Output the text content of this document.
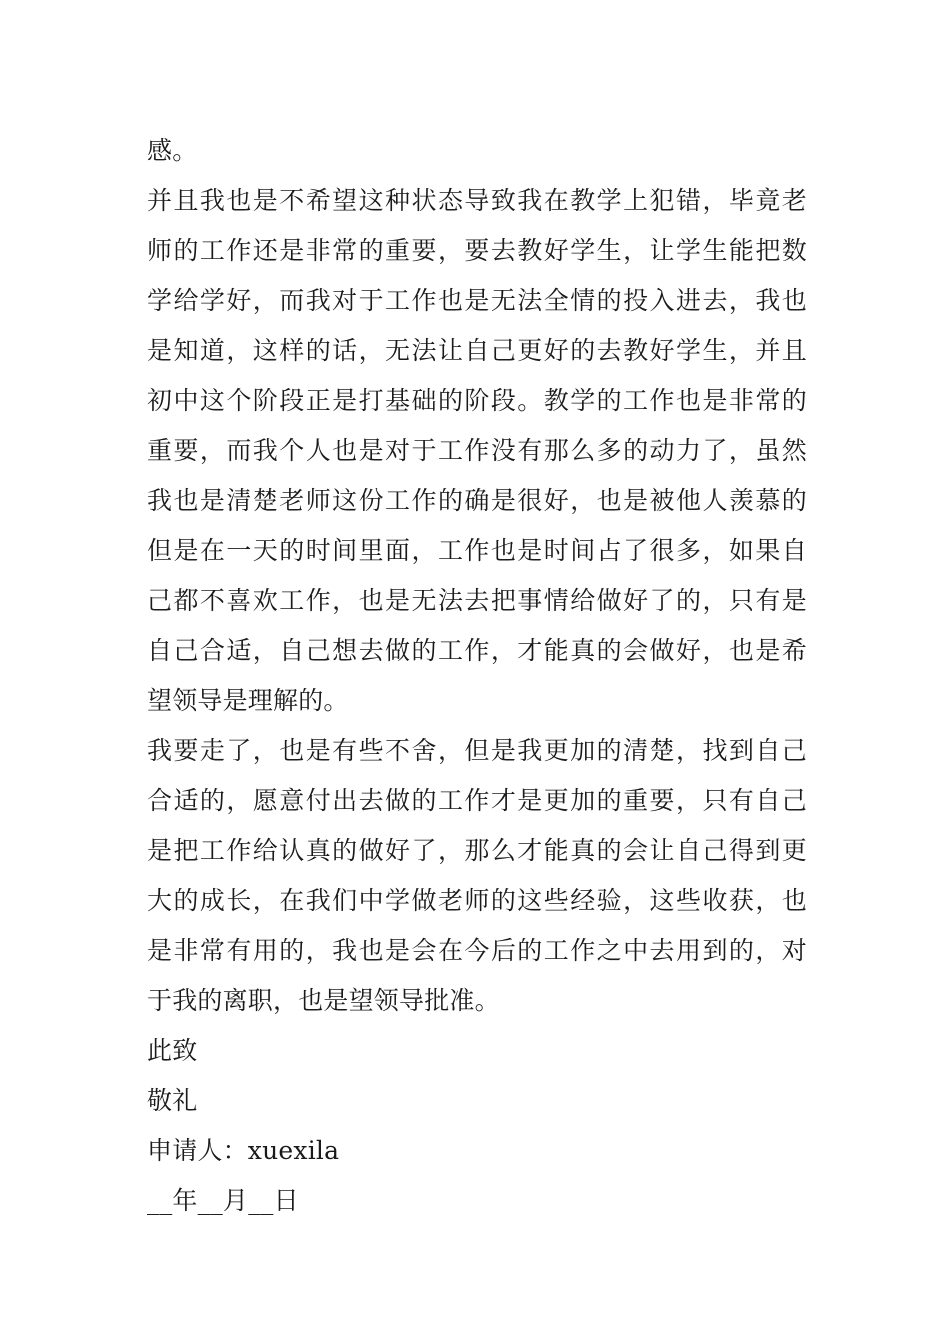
感。
并且我也是不希望这种状态导致我在教学上犯错，毕竟老
师的工作还是非常的重要，要去教好学生，让学生能把数
学给学好，而我对于工作也是无法全情的投入进去，我也
是知道，这样的话，无法让自己更好的去教好学生，并且
初中这个阶段正是打基础的阶段。教学的工作也是非常的
重要，而我个人也是对于工作没有那么多的动力了，虽然
我也是清楚老师这份工作的确是很好，也是被他人羡慕的
但是在一天的时间里面，工作也是时间占了很多，如果自
己都不喜欢工作，也是无法去把事情给做好了的，只有是
自己合适，自己想去做的工作，才能真的会做好，也是希
望领导是理解的。
我要走了，也是有些不舍，但是我更加的清楚，找到自己
合适的，愿意付出去做的工作才是更加的重要，只有自己
是把工作给认真的做好了，那么才能真的会让自己得到更
大的成长，在我们中学做老师的这些经验，这些收获，也
是非常有用的，我也是会在今后的工作之中去用到的，对
于我的离职，也是望领导批准。
此致
敬礼
申请人：xuexila
__年__月__日
